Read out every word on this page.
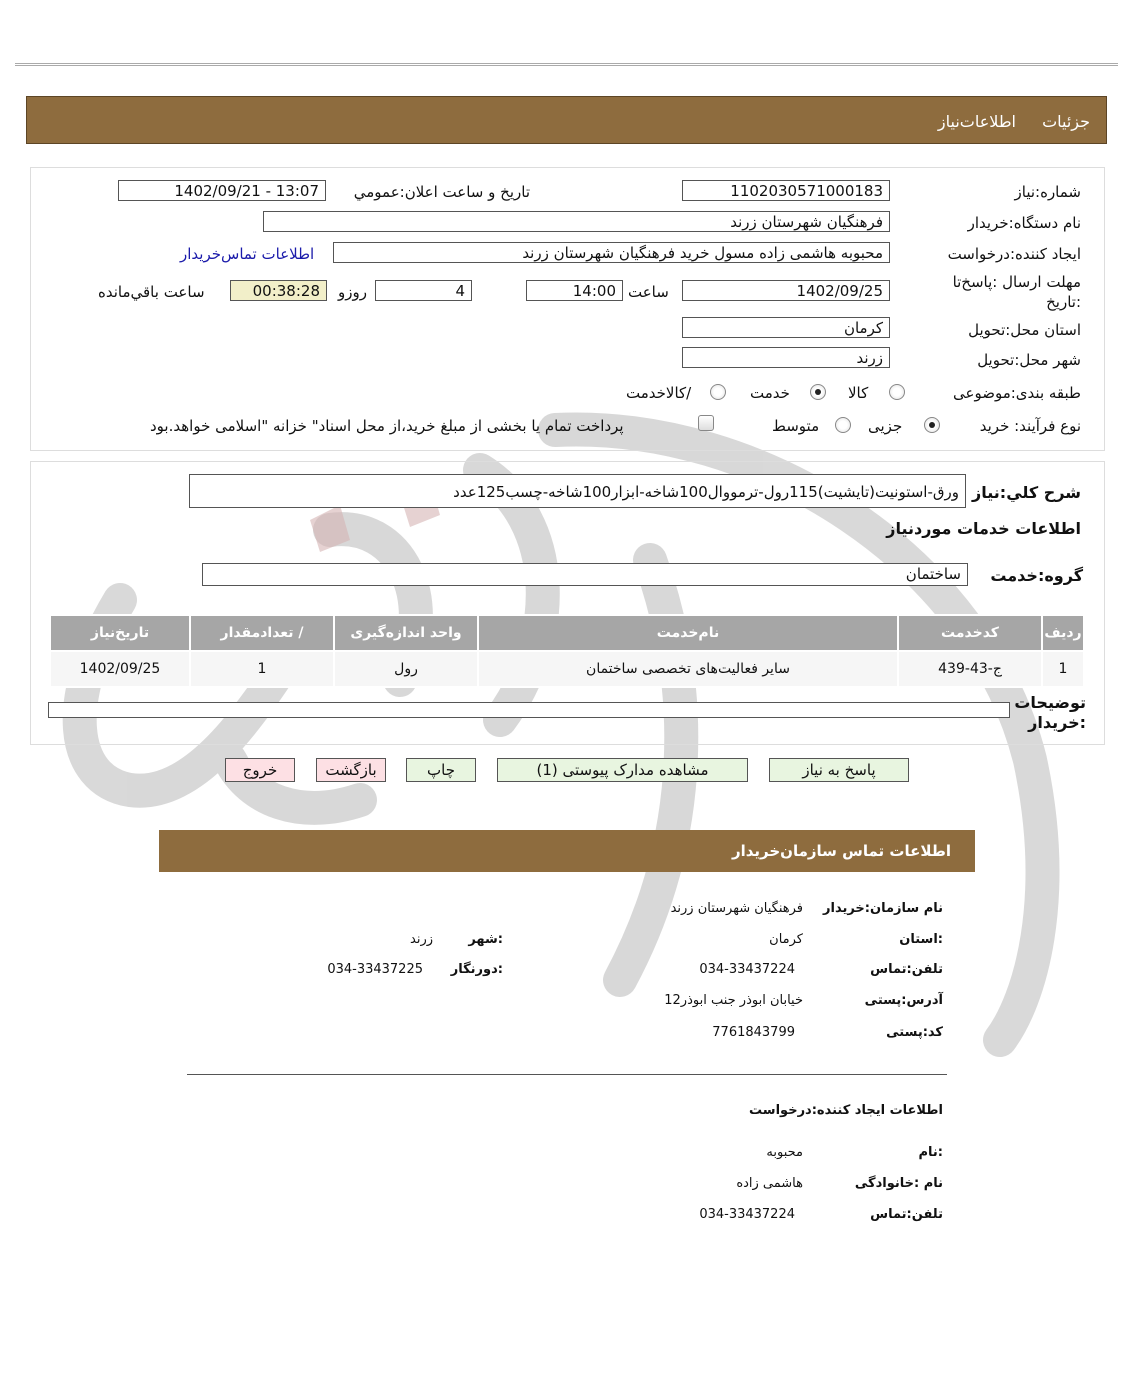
جزئیات
اطلاعات‌نیاز
شماره:نیاز
1102030571000183
تاریخ و ساعت اعلان:عمومي
1402/09/21 - 13:07
نام دستگاه:خریدار
فرهنگیان شهرستان زرند
ایجاد کننده:درخواست
محبوبه هاشمی زاده مسول خرید فرهنگیان شهرستان زرند
اطلاعات تماس‌خریدار
مهلت ارسال :پاسخ‌تا :تاریخ
1402/09/25
ساعت
14:00
4
روزو
00:38:28
ساعت باقي‌مانده
استان محل:تحویل
کرمان
شهر محل:تحویل
زرند
طبقه بندی:موضوعی
کالا
خدمت
/کالاخدمت
نوع فرآیند: خرید
جزیی
متوسط
پرداخت تمام یا بخشی از مبلغ خرید،از محل اسناد" خزانه "اسلامی خواهد.بود
شرح کلي:نیاز
ورق-استونیت(تایشیت)115رول-ترمووال100شاخه-ابزار100شاخه-چسب125عدد
اطلاعات خدمات موردنیاز
گروه:خدمت
ساختمان
ردیف	کدخدمت	نام‌خدمت	واحد اندازه‌گیری	/ تعدادمقدار	تاریخ‌نیاز
1	ج-43-439	سایر فعالیت‌های تخصصی ساختمان	رول	1	1402/09/25
توضیحات :خریدار
پاسخ به نیاز
مشاهده مدارک پیوستی (1)
چاپ
بازگشت
خروج
اطلاعات تماس سازمان‌خریدار
نام سازمان:خریدار
فرهنگیان شهرستان زرند
:استان
کرمان
:شهر
زرند
تلفن:تماس
034-33437224
:دورنگار
034-33437225
آدرس:پستی
خیابان ابوذر جنب ابوذر12
کد:پستی
7761843799
اطلاعات ایجاد کننده:درخواست
:نام
محبوبه
نام :خانوادگی
هاشمی زاده
تلفن:تماس
034-33437224
